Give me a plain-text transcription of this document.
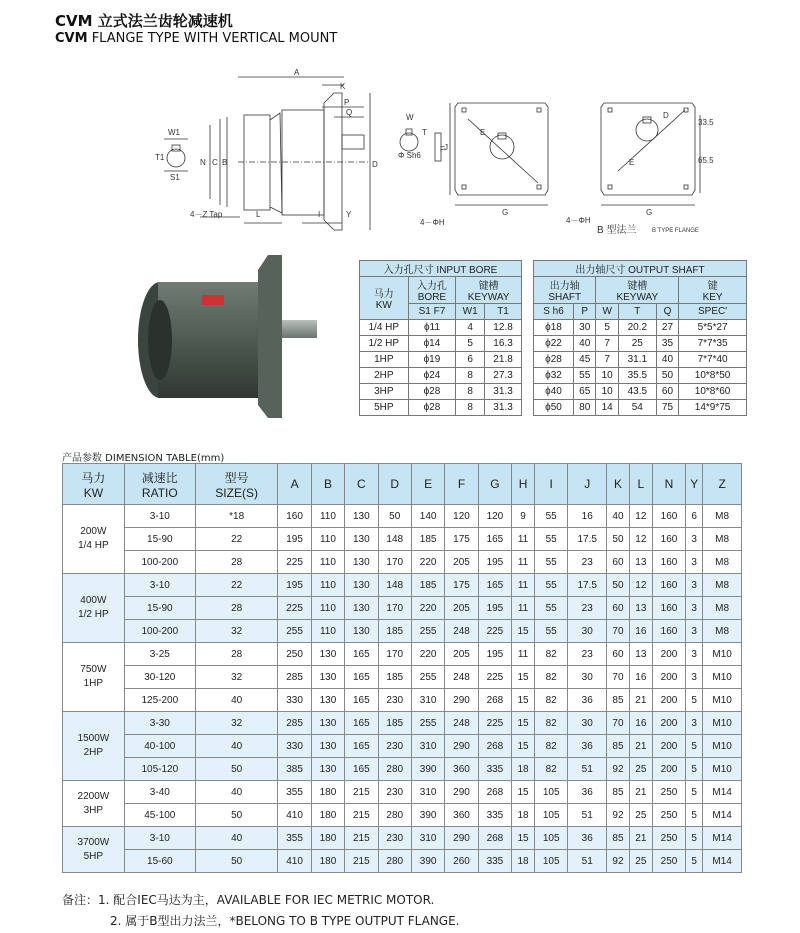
CVM 立式法兰齿轮减速机
CVM FLANGE TYPE WITH VERTICAL MOUNT
A
K
P
Q
D
N C B
W1
T1
S1
4－Z Tap	L	I	Y
W
T
J
Φ Sh6
E
F
G
4－ΦH
D
E
33.5
65.5
G
4－ΦH
B 型法兰	B TYPE FLANGE
入力孔尺寸 INPUT BORE			
马力
KW	入力孔
BORE	键槽
KEYWAY	
	S1 F7	W1	T1
1/4 HP	ϕ11	4	12.8
1/2 HP	ϕ14	5	16.3
1HP	ϕ19	6	21.8
2HP	ϕ24	8	27.3
3HP	ϕ28	8	31.3
5HP	ϕ28	8	31.3
出力轴尺寸 OUTPUT SHAFT					
出力轴
SHAFT		键槽
KEYWAY			键
KEY
S h6	P	W	T	Q	SPEC'
ϕ18	30	5	20.2	27	5*5*27
ϕ22	40	7	25	35	7*7*35
ϕ28	45	7	31.1	40	7*7*40
ϕ32	55	10	35.5	50	10*8*50
ϕ40	65	10	43.5	60	10*8*60
ϕ50	80	14	54	75	14*9*75
产品参数 DIMENSION TABLE(mm)
马力
KW	减速比
RATIO	型号
SIZE(S)	A	B	C	D	E	F	G	H	I	J	K	L	N	Y	Z
200W
1/4 HP	3-10	*18	160	110	130	50	140	120	120	9	55	16	40	12	160	6	M8
	15-90	22	195	110	130	148	185	175	165	11	55	17.5	50	12	160	3	M8
	100-200	28	225	110	130	170	220	205	195	11	55	23	60	13	160	3	M8
400W
1/2 HP	3-10	22	195	110	130	148	185	175	165	11	55	17.5	50	12	160	3	M8
	15-90	28	225	110	130	170	220	205	195	11	55	23	60	13	160	3	M8
	100-200	32	255	110	130	185	255	248	225	15	55	30	70	16	160	3	M8
750W
1HP	3-25	28	250	130	165	170	220	205	195	11	82	23	60	13	200	3	M10
	30-120	32	285	130	165	185	255	248	225	15	82	30	70	16	200	3	M10
	125-200	40	330	130	165	230	310	290	268	15	82	36	85	21	200	5	M10
1500W
2HP	3-30	32	285	130	165	185	255	248	225	15	82	30	70	16	200	3	M10
	40-100	40	330	130	165	230	310	290	268	15	82	36	85	21	200	5	M10
	105-120	50	385	130	165	280	390	360	335	18	82	51	92	25	200	5	M10
2200W
3HP	3-40	40	355	180	215	230	310	290	268	15	105	36	85	21	250	5	M14
	45-100	50	410	180	215	280	390	360	335	18	105	51	92	25	250	5	M14
3700W
5HP	3-10	40	355	180	215	230	310	290	268	15	105	36	85	21	250	5	M14
	15-60	50	410	180	215	280	390	260	335	18	105	51	92	25	250	5	M14
备注：1. 配合IEC马达为主，AVAILABLE FOR IEC METRIC MOTOR.
2. 属于B型出力法兰，*BELONG TO B TYPE OUTPUT FLANGE.
